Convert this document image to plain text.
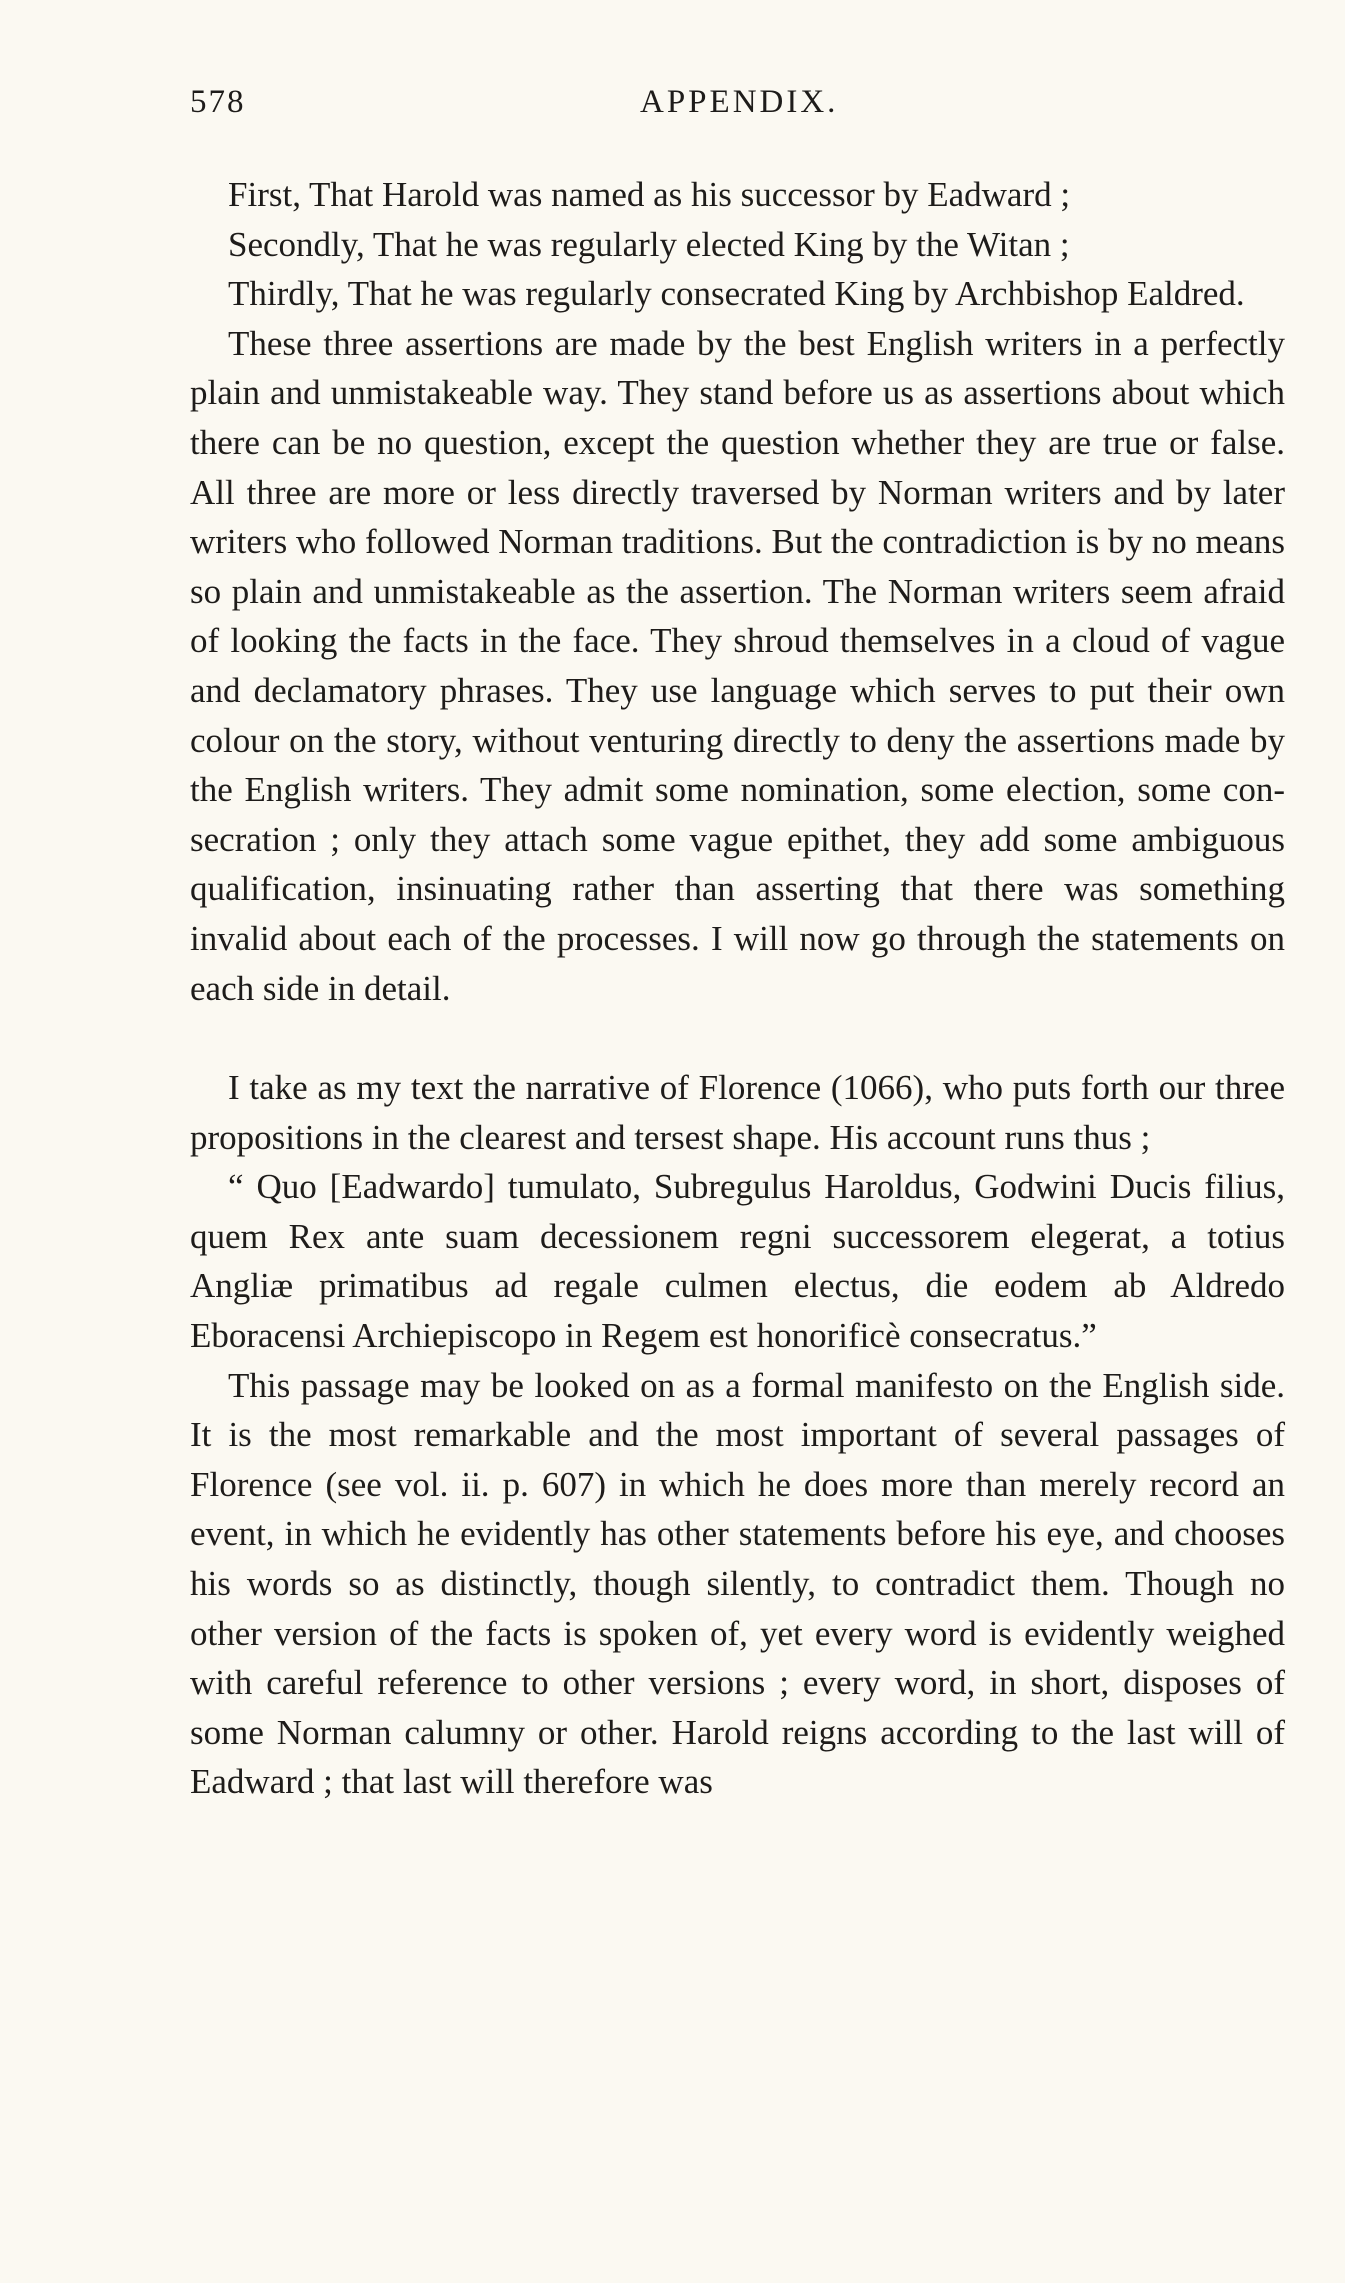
578	APPENDIX.

First, That Harold was named as his successor by Eadward ;

Secondly, That he was regularly elected King by the Witan ;

Thirdly, That he was regularly consecrated King by Archbishop Ealdred.

These three assertions are made by the best English writers in a perfectly plain and unmistakeable way. They stand before us as assertions about which there can be no question, except the question whether they are true or false. All three are more or less directly traversed by Norman writers and by later writers who followed Norman traditions. But the contradiction is by no means so plain and unmistakeable as the assertion. The Norman writers seem afraid of looking the facts in the face. They shroud themselves in a cloud of vague and declamatory phrases. They use language which serves to put their own colour on the story, without venturing directly to deny the assertions made by the English writers. They admit some nomination, some election, some consecration ; only they attach some vague epithet, they add some ambiguous qualification, insinuating rather than asserting that there was something invalid about each of the processes. I will now go through the statements on each side in detail.

I take as my text the narrative of Florence (1066), who puts forth our three propositions in the clearest and tersest shape. His account runs thus ;

“ Quo [Eadwardo] tumulato, Subregulus Haroldus, Godwini Ducis filius, quem Rex ante suam decessionem regni successorem elegerat, a totius Angliæ primatibus ad regale culmen electus, die eodem ab Aldredo Eboracensi Archiepiscopo in Regem est honorificè consecratus.”

This passage may be looked on as a formal manifesto on the English side. It is the most remarkable and the most important of several passages of Florence (see vol. ii. p. 607) in which he does more than merely record an event, in which he evidently has other statements before his eye, and chooses his words so as distinctly, though silently, to contradict them. Though no other version of the facts is spoken of, yet every word is evidently weighed with careful reference to other versions ; every word, in short, disposes of some Norman calumny or other. Harold reigns according to the last will of Eadward ; that last will therefore was
